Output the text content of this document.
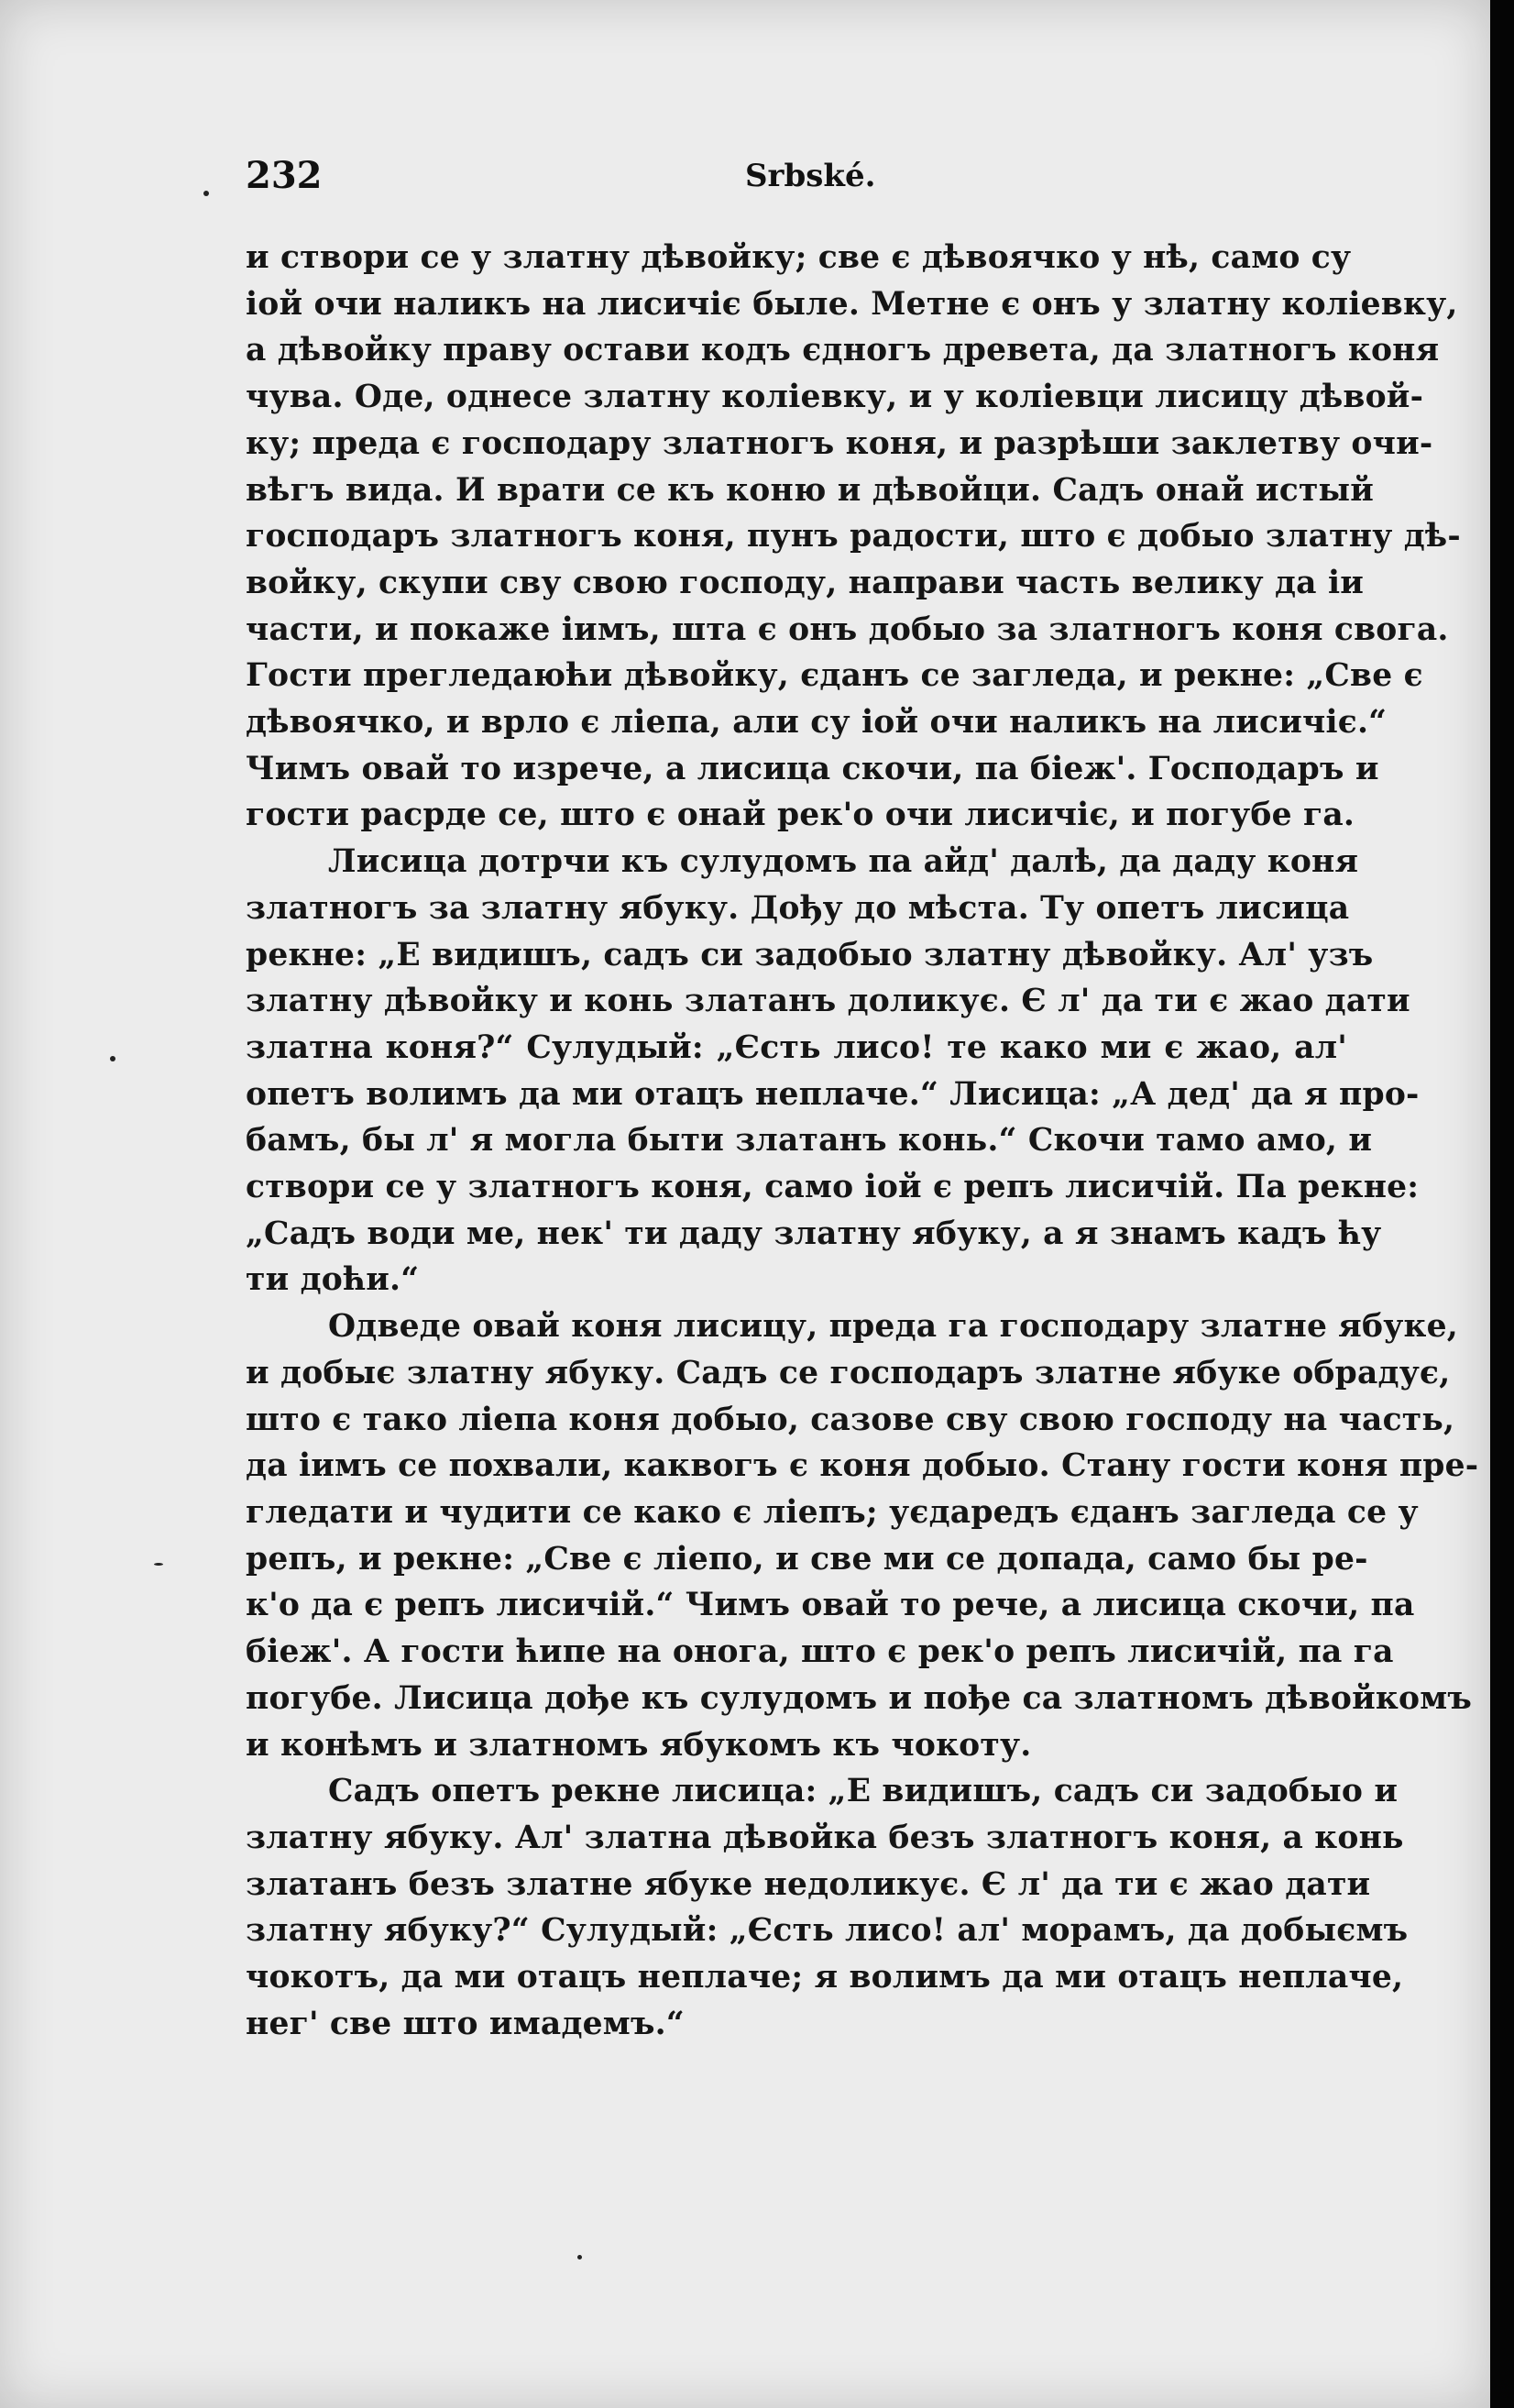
232	Srbské.
и створи се у златну дѣвойку; све є дѣвоячко у нѣ, само су
іой очи наликъ на лисичіє быле. Метне є онъ у златну коліевку,
а дѣвойку праву остави кодъ єдногъ древета, да златногъ коня
чува. Оде, однесе златну коліевку, и у коліевци лисицу дѣвой-
ку; преда є господару златногъ коня, и разрѣши заклетву очи-
вѣгъ вида. И врати се къ коню и дѣвойци. Садъ онай истый
господаръ златногъ коня, пунъ радости, што є добыо златну дѣ-
войку, скупи сву свою господу, направи часть велику да іи
части, и покаже іимъ, шта є онъ добыо за златногъ коня свога.
Гости прегледаюћи дѣвойку, єданъ се загледа, и рекне: „Све є
дѣвоячко, и врло є ліепа, али су іой очи наликъ на лисичіє.“
Чимъ овай то изрече, а лисица скочи, па біеж'. Господаръ и
гости расрде се, што є онай рек'о очи лисичіє, и погубе га.
Лисица дотрчи къ сулудомъ па айд' далѣ, да даду коня
златногъ за златну ябуку. Дођу до мѣста. Ту опетъ лисица
рекне: „Е видишъ, садъ си задобыо златну дѣвойку. Ал' узъ
златну дѣвойку и конь златанъ доликує. Є л' да ти є жао дати
златна коня?“ Сулудый: „Єсть лисо! те како ми є жао, ал'
опетъ волимъ да ми отацъ неплаче.“ Лисица: „А дед' да я про-
бамъ, бы л' я могла быти златанъ конь.“ Скочи тамо амо, и
створи се у златногъ коня, само іой є репъ лисичій. Па рекне:
„Садъ води ме, нек' ти даду златну ябуку, а я знамъ кадъ ћу
ти доћи.“
Одведе овай коня лисицу, преда га господару златне ябуке,
и добыє златну ябуку. Садъ се господаръ златне ябуке обрадує,
што є тако ліепа коня добыо, сазове сву свою господу на часть,
да іимъ се похвали, каквогъ є коня добыо. Стану гости коня пре-
гледати и чудити се како є ліепъ; уєдаредъ єданъ загледа се у
репъ, и рекне: „Све є ліепо, и све ми се допада, само бы ре-
к'о да є репъ лисичій.“ Чимъ овай то рече, а лисица скочи, па
біеж'. А гости ћипе на онога, што є рек'о репъ лисичій, па га
погубе. Лисица дође къ сулудомъ и пође са златномъ дѣвойкомъ
и конѣмъ и златномъ ябукомъ къ чокоту.
Садъ опетъ рекне лисица: „Е видишъ, садъ си задобыо и
златну ябуку. Ал' златна дѣвойка безъ златногъ коня, а конь
златанъ безъ златне ябуке недоликує. Є л' да ти є жао дати
златну ябуку?“ Сулудый: „Єсть лисо! ал' морамъ, да добыємъ
чокотъ, да ми отацъ неплаче; я волимъ да ми отацъ неплаче,
нег' све што имадемъ.“
